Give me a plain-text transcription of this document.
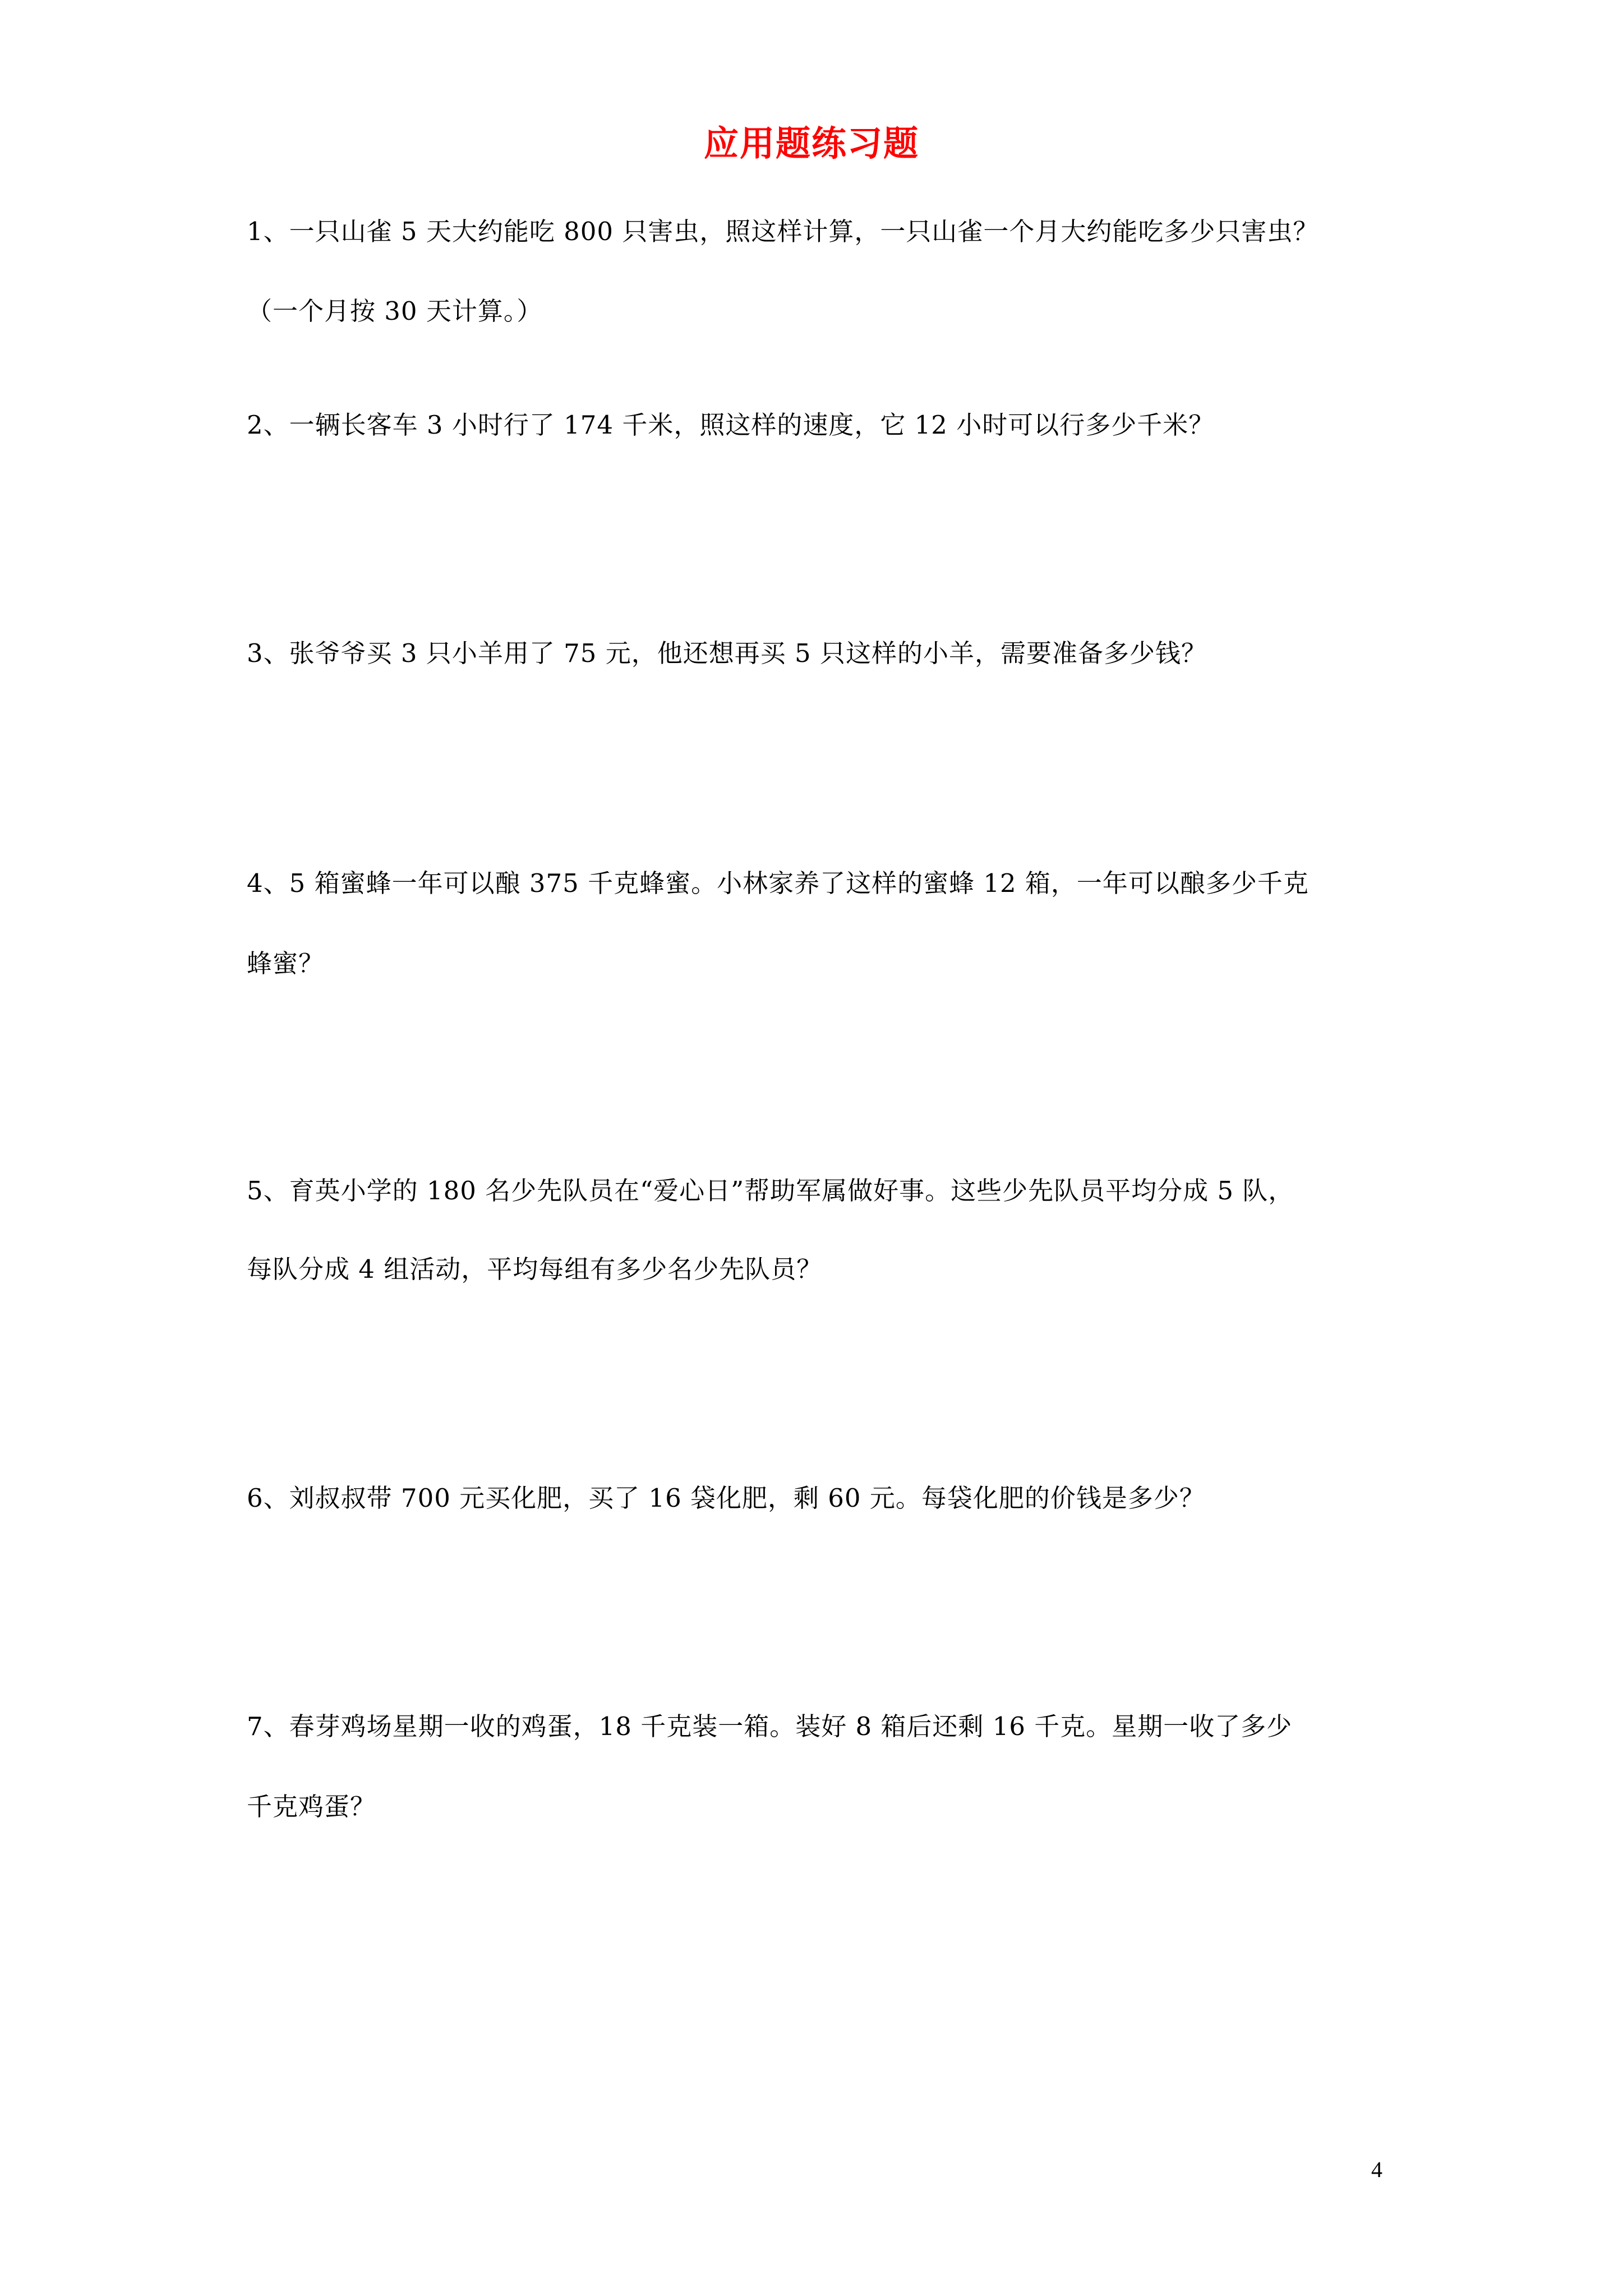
应用题练习题
1、一只山雀 5 天大约能吃 800 只害虫，照这样计算，一只山雀一个月大约能吃多少只害虫？
（一个月按 30 天计算。）
2、一辆长客车 3 小时行了 174 千米，照这样的速度，它 12 小时可以行多少千米？
3、张爷爷买 3 只小羊用了 75 元，他还想再买 5 只这样的小羊，需要准备多少钱？
4、5 箱蜜蜂一年可以酿 375 千克蜂蜜。小林家养了这样的蜜蜂 12 箱，一年可以酿多少千克
蜂蜜？
5、育英小学的 180 名少先队员在“爱心日”帮助军属做好事。这些少先队员平均分成 5 队，
每队分成 4 组活动，平均每组有多少名少先队员？
6、刘叔叔带 700 元买化肥，买了 16 袋化肥，剩 60 元。每袋化肥的价钱是多少？
7、春芽鸡场星期一收的鸡蛋，18 千克装一箱。装好 8 箱后还剩 16 千克。星期一收了多少
千克鸡蛋？
4
